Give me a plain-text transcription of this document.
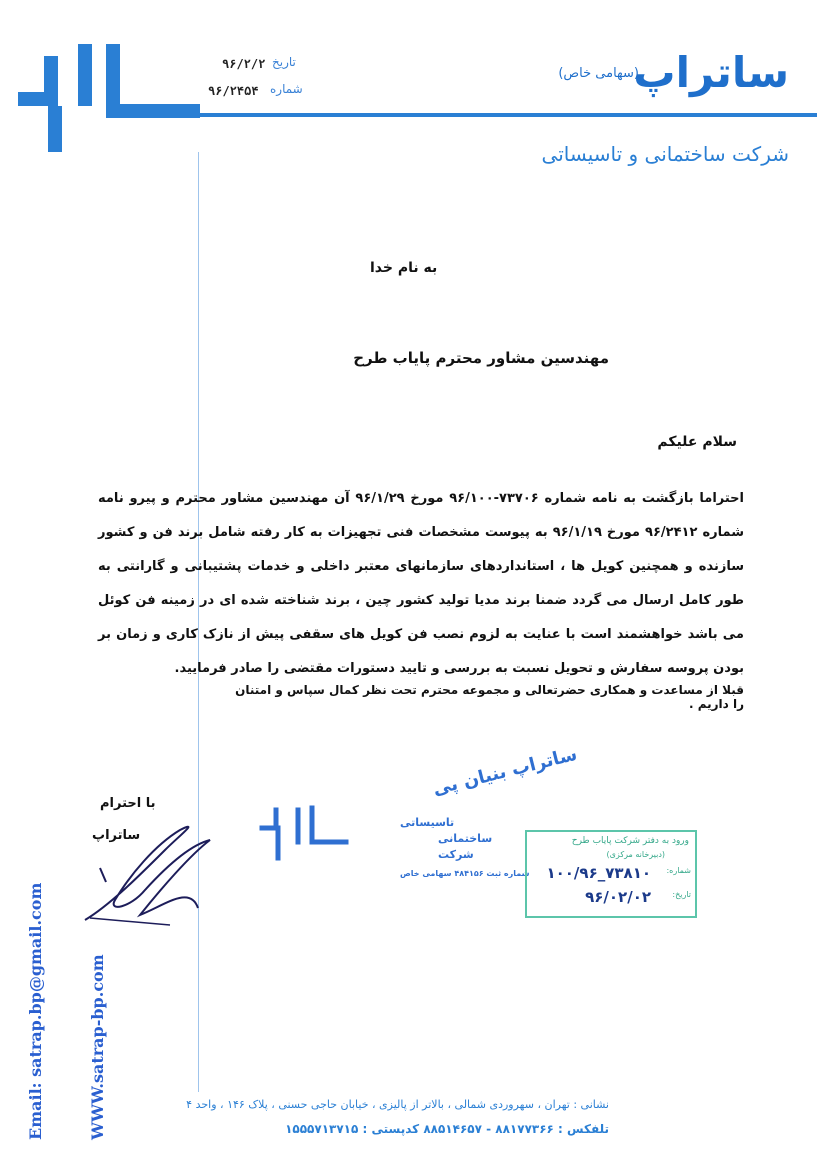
ساتراپ
(سهامی خاص)
شرکت ساختمانی و تاسیساتی
تاریخ
۹۶/۲/۲
شماره
۹۶/۲۴۵۴
به نام خدا
مهندسین مشاور محترم پایاب طرح
سلام علیکم
احتراما بازگشت به نامه شماره ۷۳۷۰۶-۹۶/۱۰۰ مورخ ۹۶/۱/۲۹ آن مهندسین مشاور محترم و پیرو نامه شماره ۹۶/۲۴۱۲ مورخ ۹۶/۱/۱۹ به پیوست مشخصات فنی تجهیزات به کار رفته شامل برند فن و کشور سازنده و همچنین کویل ها ، استانداردهای سازمانهای معتبر داخلی و خدمات پشتیبانی و گارانتی به طور کامل ارسال می گردد ضمنا برند مدیا تولید کشور چین ، برند شناخته شده ای در زمینه فن کوئل می باشد خواهشمند است با عنایت به لزوم نصب فن کویل های سقفی پیش از نازک کاری و زمان بر بودن پروسه سفارش و تحویل نسبت به بررسی و تایید دستورات مقتضی را صادر فرمایید.
قبلا از مساعدت و همکاری حضرتعالی و مجموعه محترم تحت نظر کمال سپاس و امتنان را داریم .
با احترام
ساتراپ
ساتراپ بنیان پی
تاسیساتی
ساختمانی
شرکت
شماره ثبت ۴۸۴۱۵۶ سهامی خاص
ورود به دفتر شرکت پایاب طرح
(دبیرخانه مرکزی)
شماره:
۱۰۰/۹۶_۷۳۸۱۰
تاریخ:
۹۶/۰۲/۰۲
Email: satrap.bp@gmail.com	WWW.satrap-bp.com	نشانی : تهران ، سهروردی شمالی ، بالاتر از پالیزی ، خیابان حاجی حسنی ، پلاک ۱۴۶ ، واحد ۴
تلفکس : ۸۸۱۷۷۳۶۶ - ۸۸۵۱۴۶۵۷ کدپستی : ۱۵۵۵۷۱۳۷۱۵
